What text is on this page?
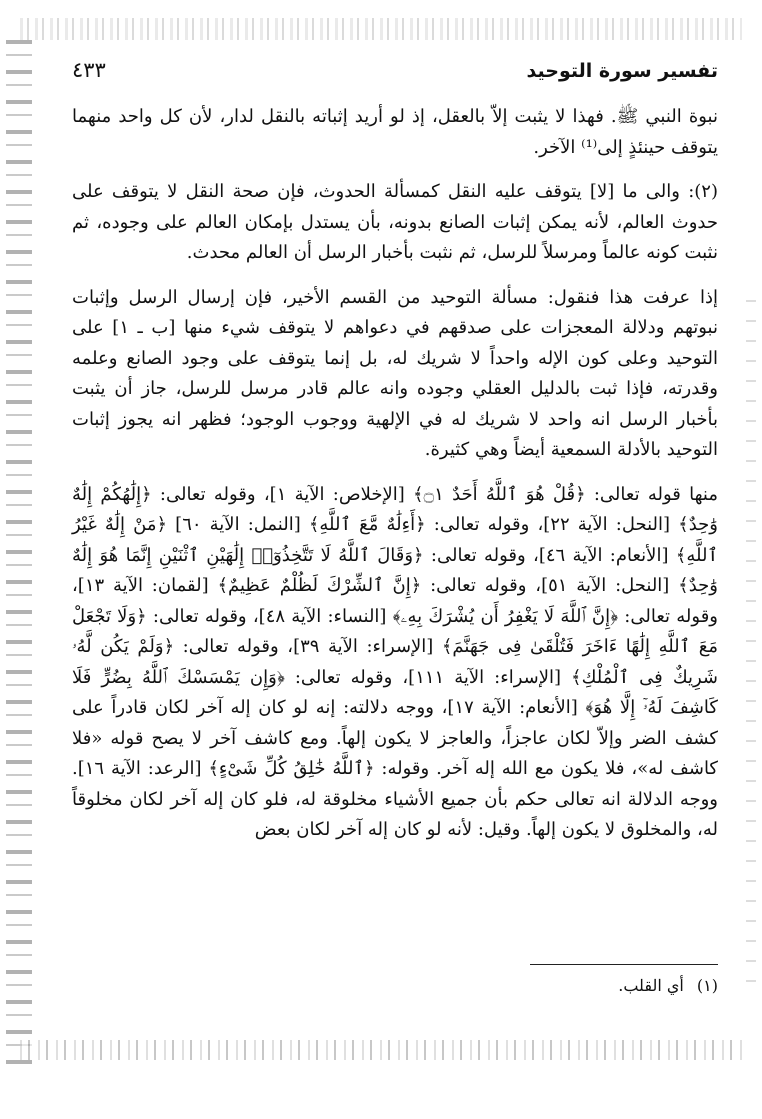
تفسير سورة التوحيد
٤٣٣

نبوة النبي ﷺ. فهذا لا يثبت إلاّ بالعقل، إذ لو أريد إثباته بالنقل لدار، لأن كل واحد منهما يتوقف حينئذٍ إلى⁽¹⁾ الآخر.

(٢): والى ما [لا] يتوقف عليه النقل كمسألة الحدوث، فإن صحة النقل لا يتوقف على حدوث العالم، لأنه يمكن إثبات الصانع بدونه، بأن يستدل بإمكان العالم على وجوده، ثم نثبت كونه عالماً ومرسلاً للرسل، ثم نثبت بأخبار الرسل أن العالم محدث.

إذا عرفت هذا فنقول: مسألة التوحيد من القسم الأخير، فإن إرسال الرسل وإثبات نبوتهم ودلالة المعجزات على صدقهم في دعواهم لا يتوقف شيء منها [ب ـ ١] على التوحيد وعلى كون الإله واحداً لا شريك له، بل إنما يتوقف على وجود الصانع وعلمه وقدرته، فإذا ثبت بالدليل العقلي وجوده وانه عالم قادر مرسل للرسل، جاز أن يثبت بأخبار الرسل انه واحد لا شريك له في الإلهية ووجوب الوجود؛ فظهر انه يجوز إثبات التوحيد بالأدلة السمعية أيضاً وهي كثيرة.

منها قوله تعالى: ﴿قُلْ هُوَ ٱللَّهُ أَحَدٌ ۝١﴾ [الإخلاص: الآية ١]، وقوله تعالى: ﴿إِلَٰهُكُمْ إِلَٰهٌ وَٰحِدٌ﴾ [النحل: الآية ٢٢]، وقوله تعالى: ﴿أَءِلَٰهٌ مَّعَ ٱللَّهِ﴾ [النمل: الآية ٦٠] ﴿مَنْ إِلَٰهٌ غَيْرُ ٱللَّهِ﴾ [الأنعام: الآية ٤٦]، وقوله تعالى: ﴿وَقَالَ ٱللَّهُ لَا تَتَّخِذُوٓا۟ إِلَٰهَيْنِ ٱثْنَيْنِ إِنَّمَا هُوَ إِلَٰهٌ وَٰحِدٌ﴾ [النحل: الآية ٥١]، وقوله تعالى: ﴿إِنَّ ٱلشِّرْكَ لَظُلْمٌ عَظِيمٌ﴾ [لقمان: الآية ١٣]، وقوله تعالى: ﴿إِنَّ ٱللَّهَ لَا يَغْفِرُ أَن يُشْرَكَ بِهِۦ﴾ [النساء: الآية ٤٨]، وقوله تعالى: ﴿وَلَا تَجْعَلْ مَعَ ٱللَّهِ إِلَٰهًا ءَاخَرَ فَتُلْقَىٰ فِى جَهَنَّمَ﴾ [الإسراء: الآية ٣٩]، وقوله تعالى: ﴿وَلَمْ يَكُن لَّهُۥ شَرِيكٌ فِى ٱلْمُلْكِ﴾ [الإسراء: الآية ١١١]، وقوله تعالى: ﴿وَإِن يَمْسَسْكَ ٱللَّهُ بِضُرٍّ فَلَا كَاشِفَ لَهُۥٓ إِلَّا هُوَ﴾ [الأنعام: الآية ١٧]، ووجه دلالته: إنه لو كان إله آخر لكان قادراً على كشف الضر وإلاّ لكان عاجزاً، والعاجز لا يكون إلهاً. ومع كاشف آخر لا يصح قوله «فلا كاشف له»، فلا يكون مع الله إله آخر. وقوله: ﴿ٱللَّهُ خَٰلِقُ كُلِّ شَىْءٍ﴾ [الرعد: الآية ١٦]. ووجه الدلالة انه تعالى حكم بأن جميع الأشياء مخلوقة له، فلو كان إله آخر لكان مخلوقاً له، والمخلوق لا يكون إلهاً. وقيل: لأنه لو كان إله آخر لكان بعض

(١) أي القلب.
